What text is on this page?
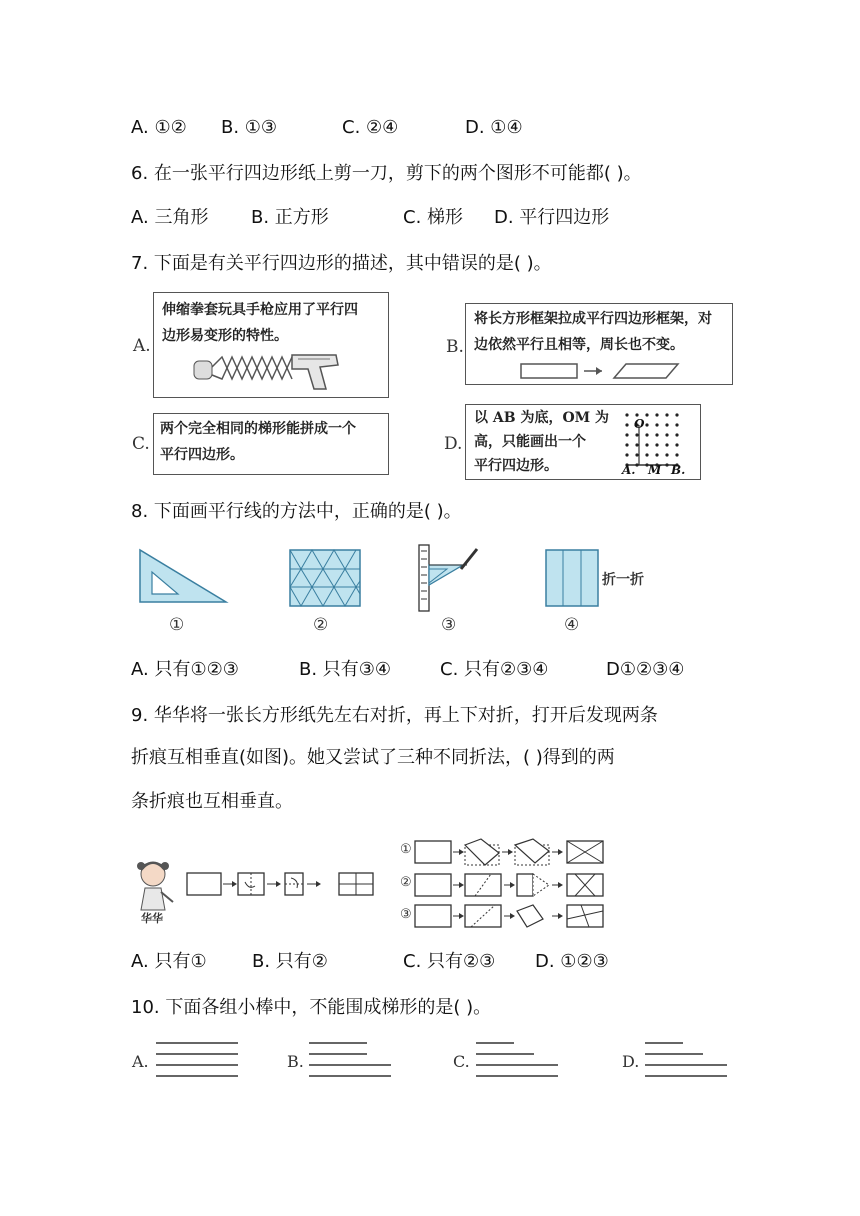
A. ①② B. ①③	C. ②④	D. ①④
6. 在一张平行四边形纸上剪一刀，剪下的两个图形不可能都( )。
A. 三角形 B. 正方形	C. 梯形 D. 平行四边形
7. 下面是有关平行四边形的描述，其中错误的是( )。
A.
伸缩拳套玩具手枪应用了平行四
边形易变形的特性。
B.
将长方形框架拉成平行四边形框架，对
边依然平行且相等，周长也不变。
C.
两个完全相同的梯形能拼成一个
平行四边形。
D.
以 AB 为底，OM 为
高，只能画出一个
平行四边形。
O
A. M B.
8. 下面画平行线的方法中，正确的是( )。
折一折
①	②	③	④
A. 只有①②③	B. 只有③④	C. 只有②③④	D①②③④
9. 华华将一张长方形纸先左右对折，再上下对折，打开后发现两条
折痕互相垂直(如图)。她又尝试了三种不同折法，( )得到的两
条折痕也互相垂直。
华华
①
②
③
A. 只有①	B. 只有②	C. 只有②③ D. ①②③
10. 下面各组小棒中，不能围成梯形的是( )。
A.	B.	C.	D.
